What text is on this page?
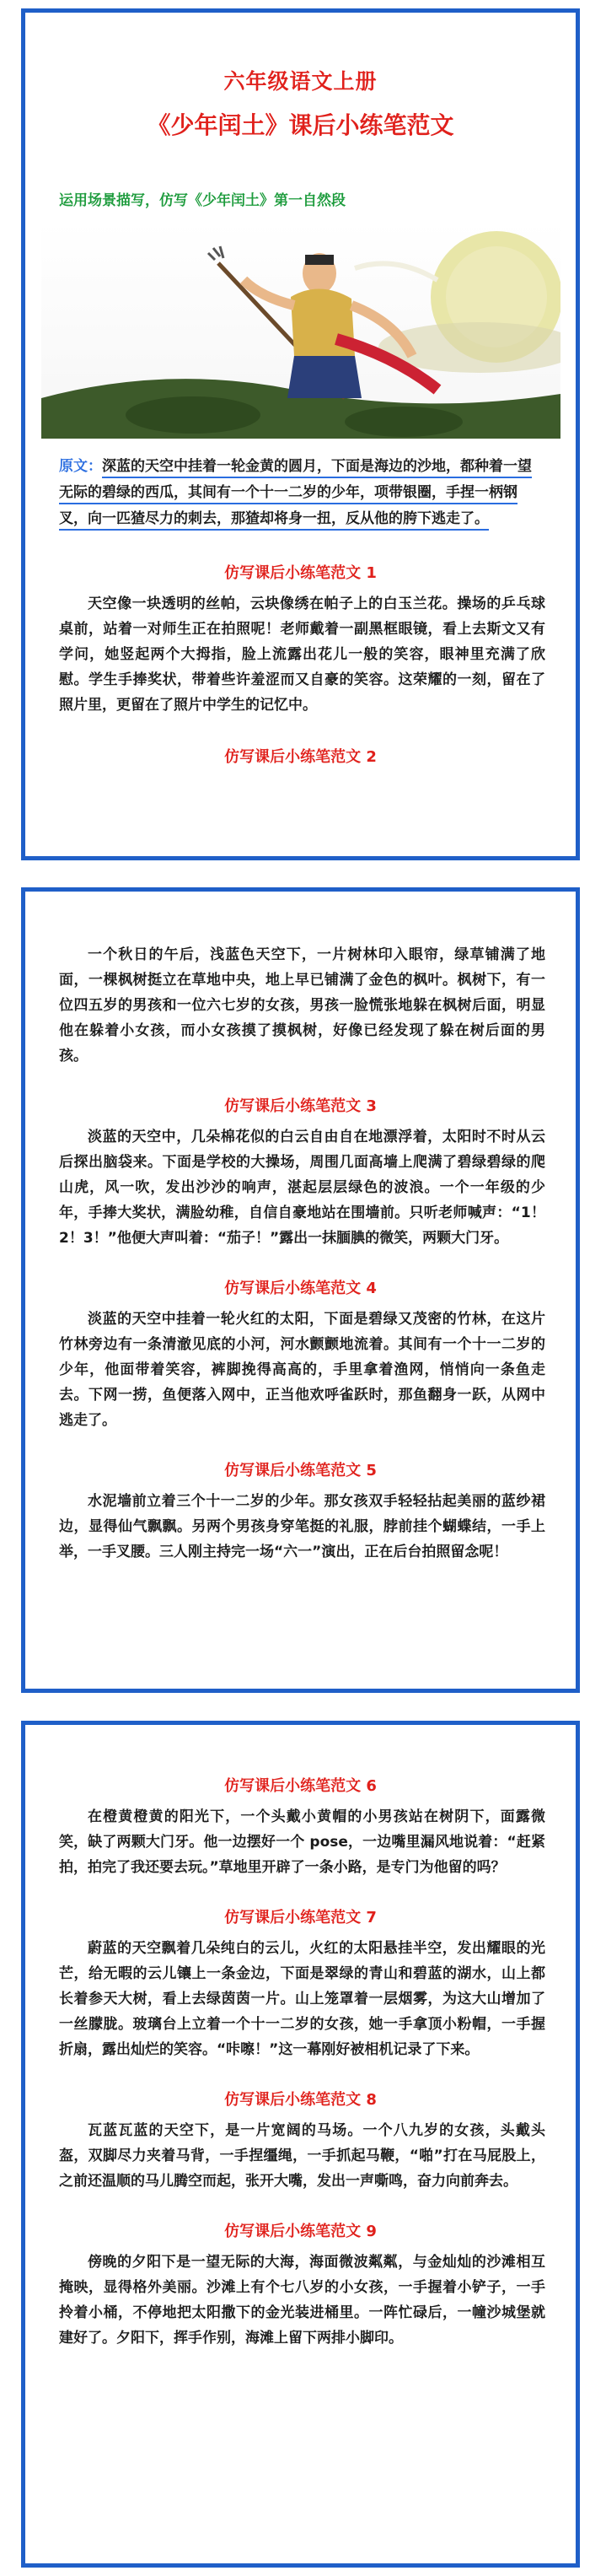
六年级语文上册
《少年闰土》课后小练笔范文
运用场景描写，仿写《少年闰土》第一自然段
原文：深蓝的天空中挂着一轮金黄的圆月，下面是海边的沙地，都种着一望无际的碧绿的西瓜，其间有一个十一二岁的少年，项带银圈，手捏一柄钢叉，向一匹猹尽力的刺去，那猹却将身一扭，反从他的胯下逃走了。
仿写课后小练笔范文 1
天空像一块透明的丝帕，云块像绣在帕子上的白玉兰花。操场的乒乓球桌前，站着一对师生正在拍照呢！老师戴着一副黑框眼镜，看上去斯文又有学问，她竖起两个大拇指，脸上流露出花儿一般的笑容，眼神里充满了欣慰。学生手捧奖状，带着些许羞涩而又自豪的笑容。这荣耀的一刻，留在了照片里，更留在了照片中学生的记忆中。
仿写课后小练笔范文 2
一个秋日的午后，浅蓝色天空下，一片树林印入眼帘，绿草铺满了地面，一棵枫树挺立在草地中央，地上早已铺满了金色的枫叶。枫树下，有一位四五岁的男孩和一位六七岁的女孩，男孩一脸慌张地躲在枫树后面，明显他在躲着小女孩，而小女孩摸了摸枫树，好像已经发现了躲在树后面的男孩。
仿写课后小练笔范文 3
淡蓝的天空中，几朵棉花似的白云自由自在地漂浮着，太阳时不时从云后探出脑袋来。下面是学校的大操场，周围几面高墙上爬满了碧绿碧绿的爬山虎，风一吹，发出沙沙的响声，湛起层层绿色的波浪。一个一年级的少年，手捧大奖状，满脸幼稚，自信自豪地站在围墙前。只听老师喊声：“1！2！3！”他便大声叫着：“茄子！”露出一抹腼腆的微笑，两颗大门牙。
仿写课后小练笔范文 4
淡蓝的天空中挂着一轮火红的太阳，下面是碧绿又茂密的竹林，在这片竹林旁边有一条清澈见底的小河，河水颤颤地流着。其间有一个十一二岁的少年，他面带着笑容，裤脚挽得高高的，手里拿着渔网，悄悄向一条鱼走去。下网一捞，鱼便落入网中，正当他欢呼雀跃时，那鱼翻身一跃，从网中逃走了。
仿写课后小练笔范文 5
水泥墙前立着三个十一二岁的少年。那女孩双手轻轻拈起美丽的蓝纱裙边，显得仙气飘飘。另两个男孩身穿笔挺的礼服，脖前挂个蝴蝶结，一手上举，一手叉腰。三人刚主持完一场“六一”演出，正在后台拍照留念呢！
仿写课后小练笔范文 6
在橙黄橙黄的阳光下，一个头戴小黄帽的小男孩站在树阴下，面露微笑，缺了两颗大门牙。他一边摆好一个 pose，一边嘴里漏风地说着：“赶紧拍，拍完了我还要去玩。”草地里开辟了一条小路，是专门为他留的吗？
仿写课后小练笔范文 7
蔚蓝的天空飘着几朵纯白的云儿，火红的太阳悬挂半空，发出耀眼的光芒，给无暇的云儿镶上一条金边，下面是翠绿的青山和碧蓝的湖水，山上都长着参天大树，看上去绿茵茵一片。山上笼罩着一层烟雾，为这大山增加了一丝朦胧。玻璃台上立着一个十一二岁的女孩，她一手拿顶小粉帽，一手握折扇，露出灿烂的笑容。“咔嚓！”这一幕刚好被相机记录了下来。
仿写课后小练笔范文 8
瓦蓝瓦蓝的天空下，是一片宽阔的马场。一个八九岁的女孩，头戴头盔，双脚尽力夹着马背，一手捏缰绳，一手抓起马鞭，“啪”打在马屁股上，之前还温顺的马儿腾空而起，张开大嘴，发出一声嘶鸣，奋力向前奔去。
仿写课后小练笔范文 9
傍晚的夕阳下是一望无际的大海，海面微波粼粼，与金灿灿的沙滩相互掩映，显得格外美丽。沙滩上有个七八岁的小女孩，一手握着小铲子，一手拎着小桶，不停地把太阳撒下的金光装进桶里。一阵忙碌后，一幢沙城堡就建好了。夕阳下，挥手作别，海滩上留下两排小脚印。
